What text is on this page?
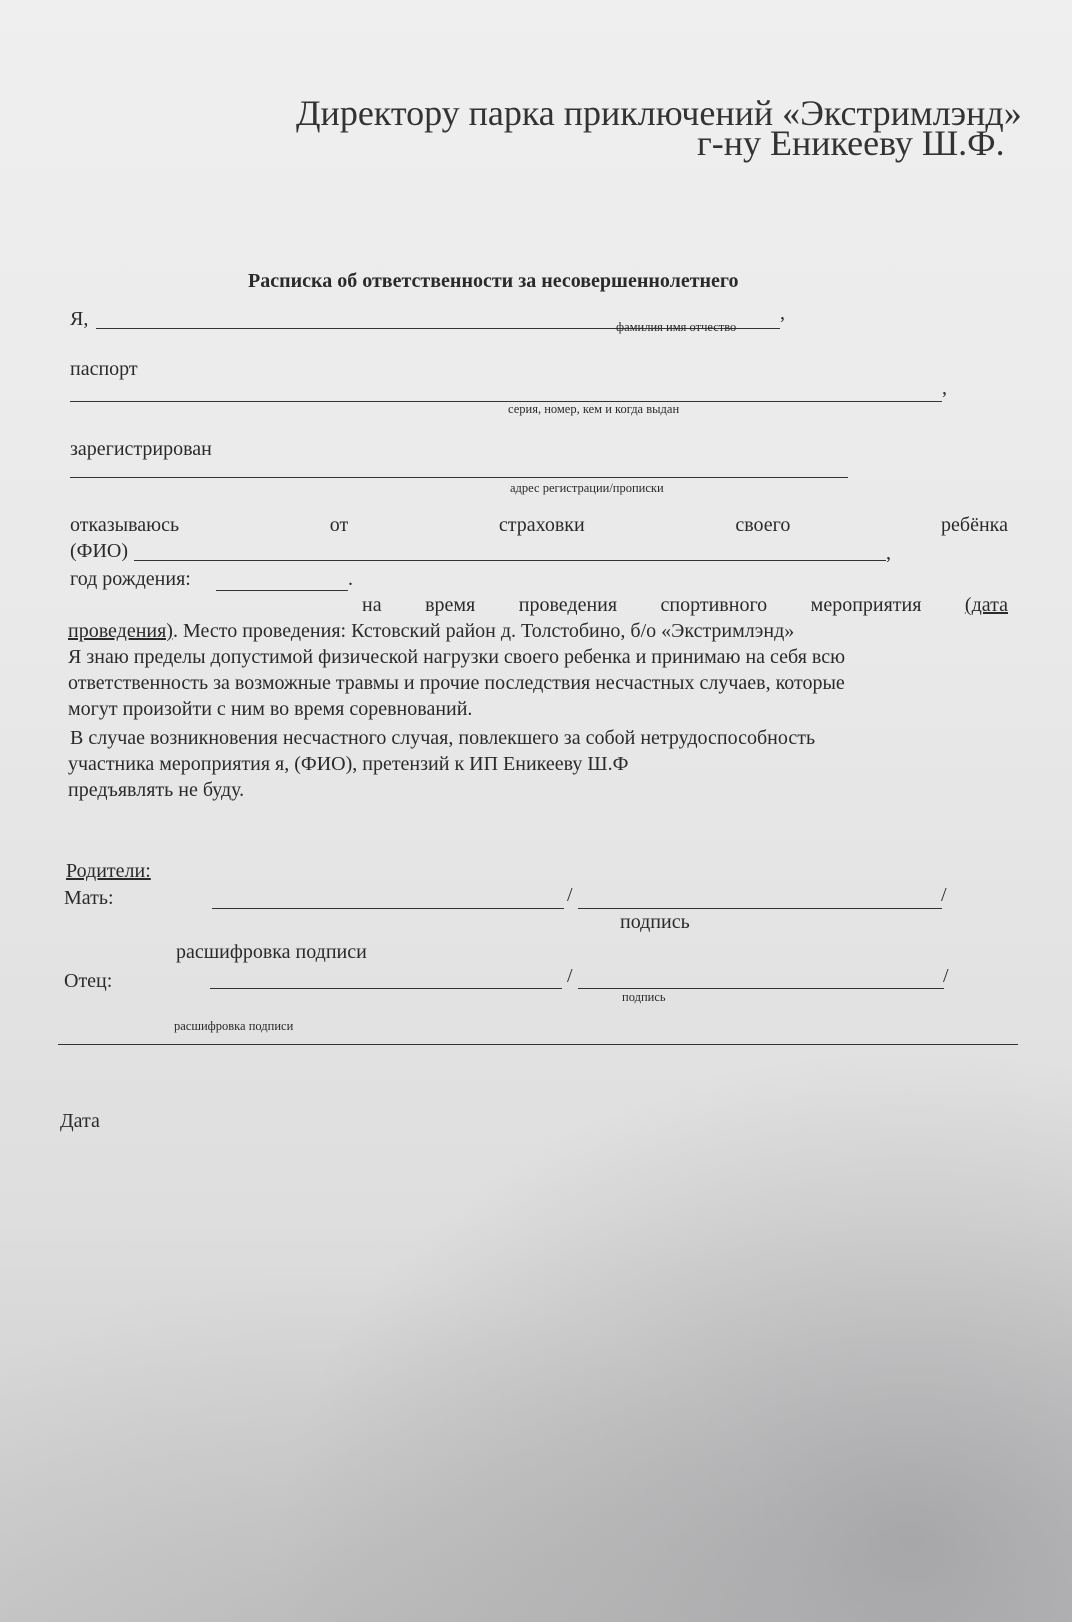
Директору парка приключений «Экстримлэнд»
г-ну Еникееву Ш.Ф.
Расписка об ответственности за несовершеннолетнего
Я,	,
фамилия имя отчество
паспорт
,
серия, номер, кем и когда выдан
зарегистрирован
адрес регистрации/прописки
отказываюсь	от	страховки	своего	ребёнка
(ФИО)	,
год рождения:	.
на время проведения спортивного мероприятия (дата
проведения). Место проведения: Кстовский район д. Толстобино, б/о «Экстримлэнд»
Я знаю пределы допустимой физической нагрузки своего ребенка и принимаю на себя всю
ответственность за возможные травмы и прочие последствия несчастных случаев, которые
могут произойти с ним во время соревнований.
В случае возникновения несчастного случая, повлекшего за собой нетрудоспособность
участника мероприятия я, (ФИО), претензий к ИП Еникееву Ш.Ф
предъявлять не буду.
Родители:
Мать:	/	/
подпись
расшифровка подписи
Отец:	/	/
подпись
расшифровка подписи
Дата
